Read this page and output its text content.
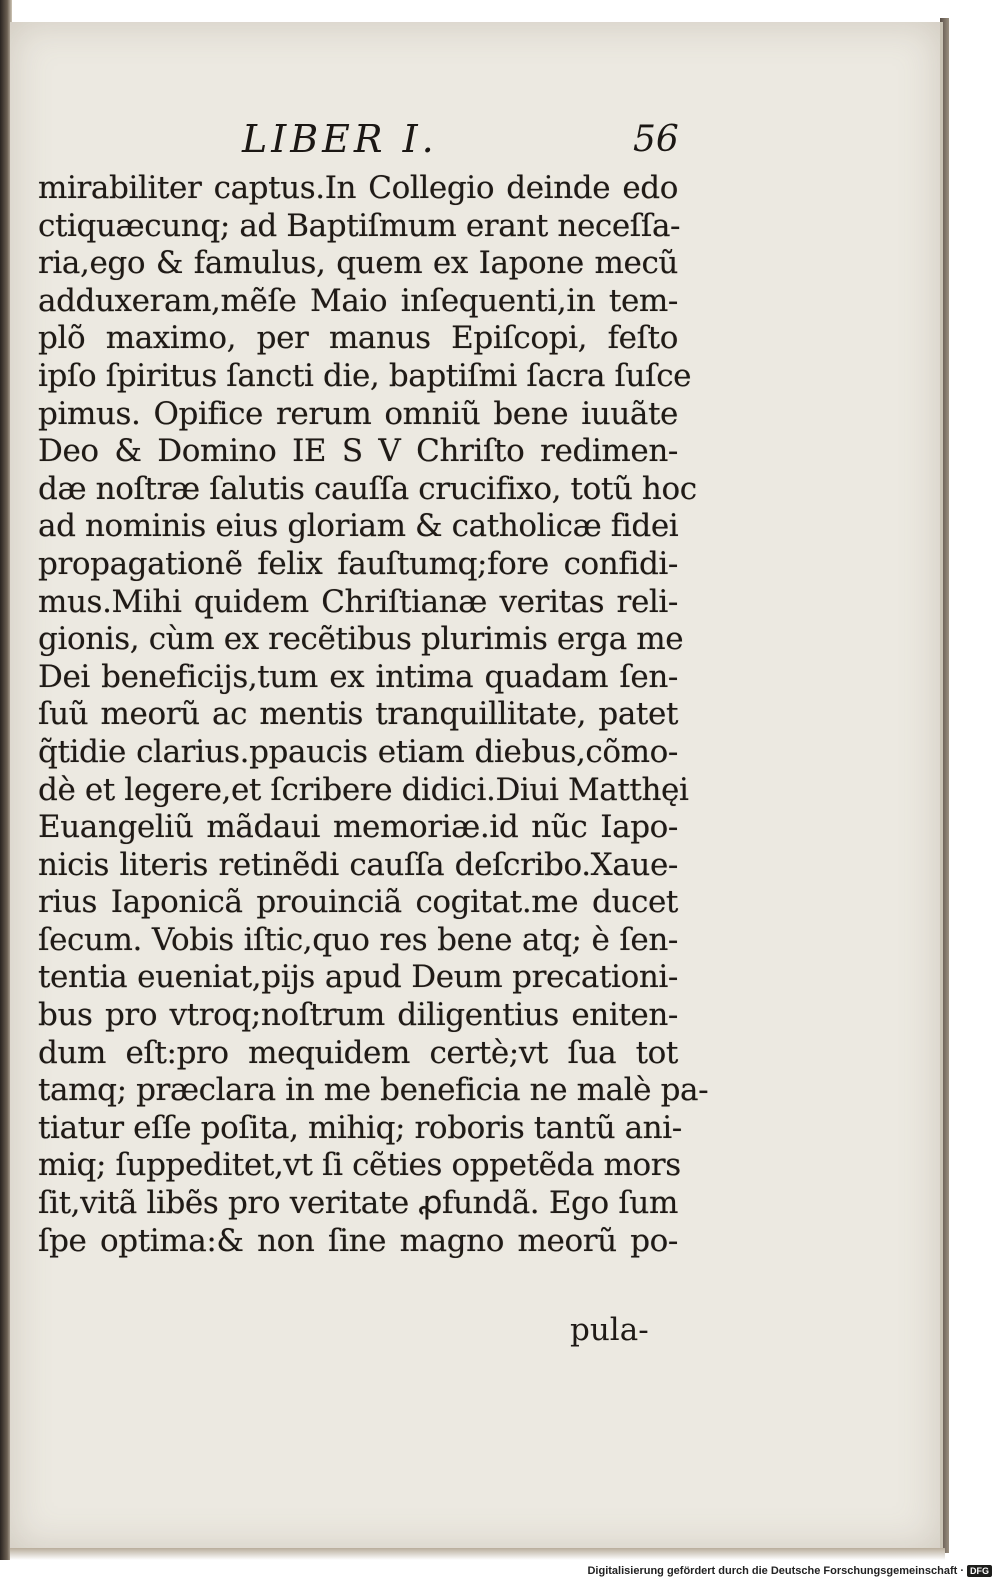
LIBER I.	56
mirabiliter captus.In Collegio deinde edo
ctiquæcunq; ad Baptiſmum erant neceſſa-
ria,ego & famulus, quem ex Iapone mecũ
adduxeram,mẽſe Maio inſequenti,in tem-
plõ maximo, per manus Epiſcopi, feſto
ipſo ſpiritus ſancti die, baptiſmi ſacra ſuſce
pimus. Opifice rerum omniũ bene iuuãte
Deo & Domino IE S V Chriſto redimen-
dæ noſtræ ſalutis cauſſa crucifixo, totũ hoc
ad nominis eius gloriam & catholicæ fidei
propagationẽ felix fauſtumq;fore confidi-
mus.Mihi quidem Chriſtianæ veritas reli-
gionis, cùm ex recẽtibus plurimis erga me
Dei beneficijs,tum ex intima quadam ſen-
ſuũ meorũ ac mentis tranquillitate, patet
q̃tidie clarius.ppaucis etiam diebus,cõmo-
dè et legere,et ſcribere didici.Diui Matthęi
Euangeliũ mãdaui memoriæ.id nũc Iapo-
nicis literis retinẽdi cauſſa deſcribo.Xaue-
rius Iaponicã prouinciã cogitat.me ducet
ſecum. Vobis iſtic,quo res bene atq; è ſen-
tentia eueniat,pijs apud Deum precationi-
bus pro vtroq;noſtrum diligentius eniten-
dum eſt:pro mequidem certè;vt ſua tot
tamq; præclara in me beneficia ne malè pa-
tiatur eſſe poſita, mihiq; roboris tantũ ani-
miq; ſuppeditet,vt ſi cẽties oppetẽda mors
ſit,vitã libẽs pro veritate ꝓfundã. Ego ſum
ſpe optima:& non ſine magno meorũ po-
pula-
Digitalisierung gefördert durch die Deutsche Forschungsgemeinschaft · DFG
